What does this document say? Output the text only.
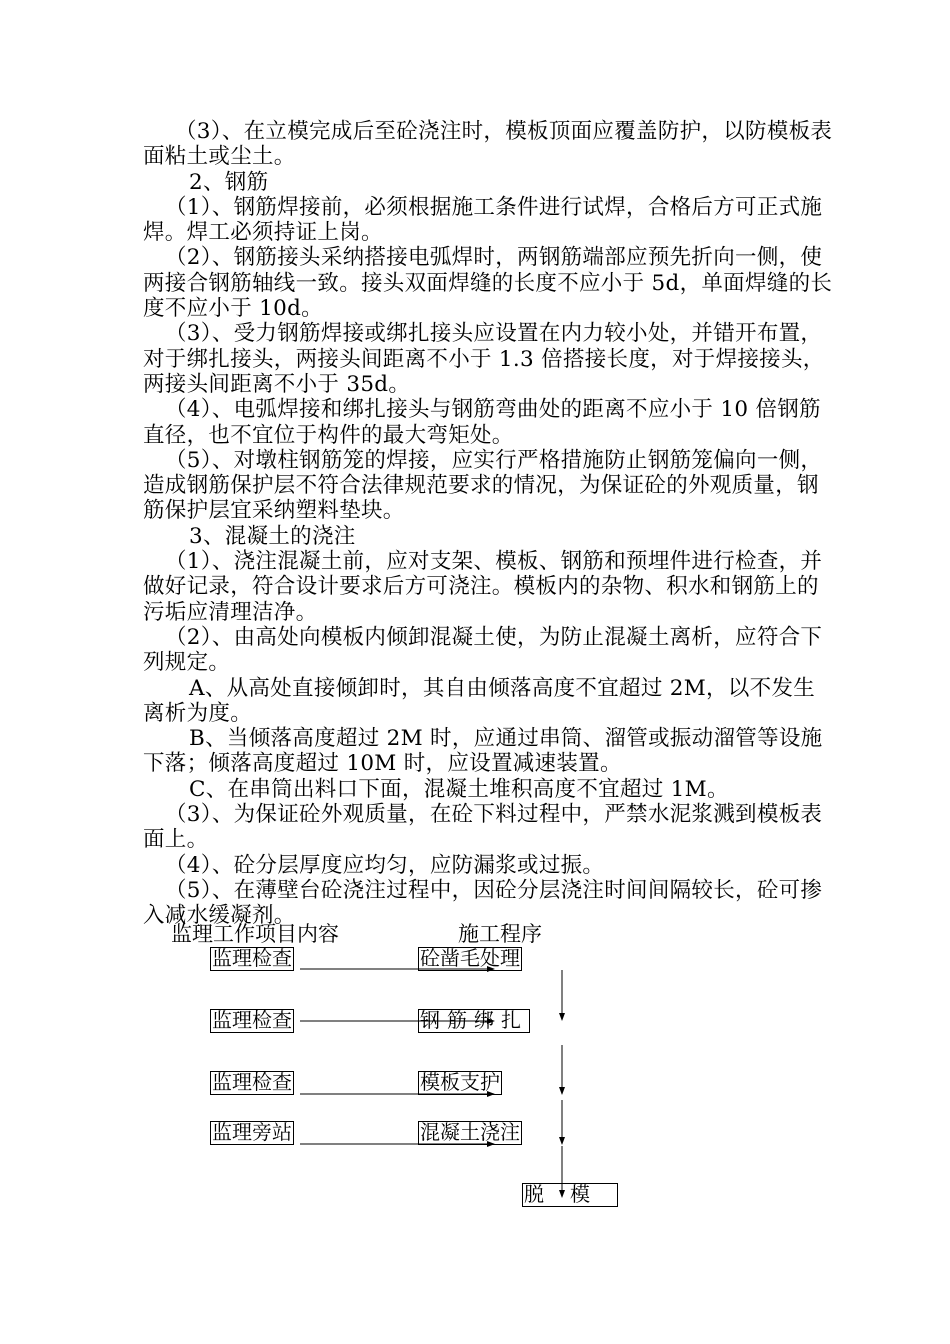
（3）、在立模完成后至砼浇注时，模板顶面应覆盖防护，以防模板表面粘土或尘土。

2、钢筋

（1）、钢筋焊接前，必须根据施工条件进行试焊，合格后方可正式施焊。焊工必须持证上岗。

（2）、钢筋接头采纳搭接电弧焊时，两钢筋端部应预先折向一侧，使两接合钢筋轴线一致。接头双面焊缝的长度不应小于 5d，单面焊缝的长度不应小于 10d。

（3）、受力钢筋焊接或绑扎接头应设置在内力较小处，并错开布置，对于绑扎接头，两接头间距离不小于 1.3 倍搭接长度，对于焊接接头，两接头间距离不小于 35d。

（4）、电弧焊接和绑扎接头与钢筋弯曲处的距离不应小于 10 倍钢筋直径，也不宜位于构件的最大弯矩处。

（5）、对墩柱钢筋笼的焊接，应实行严格措施防止钢筋笼偏向一侧，造成钢筋保护层不符合法律规范要求的情况，为保证砼的外观质量，钢筋保护层宜采纳塑料垫块。

3、混凝土的浇注

（1）、浇注混凝土前，应对支架、模板、钢筋和预埋件进行检查，并做好记录，符合设计要求后方可浇注。模板内的杂物、积水和钢筋上的污垢应清理洁净。

（2）、由高处向模板内倾卸混凝土使，为防止混凝土离析，应符合下列规定。

A、从高处直接倾卸时，其自由倾落高度不宜超过 2M，以不发生离析为度。

B、当倾落高度超过 2M 时，应通过串筒、溜管或振动溜管等设施下落；倾落高度超过 10M 时，应设置减速装置。

C、在串筒出料口下面，混凝土堆积高度不宜超过 1M。

（3）、为保证砼外观质量，在砼下料过程中，严禁水泥浆溅到模板表面上。

（4）、砼分层厚度应均匀，应防漏浆或过振。

（5）、在薄壁台砼浇注过程中，因砼分层浇注时间间隔较长，砼可掺入减水缓凝剂。

监理工作项目内容	施工程序
监理检查
监理检查
监理检查
监理旁站
砼凿毛处理
钢筋绑扎
模板支护
混凝土浇注
脱模
